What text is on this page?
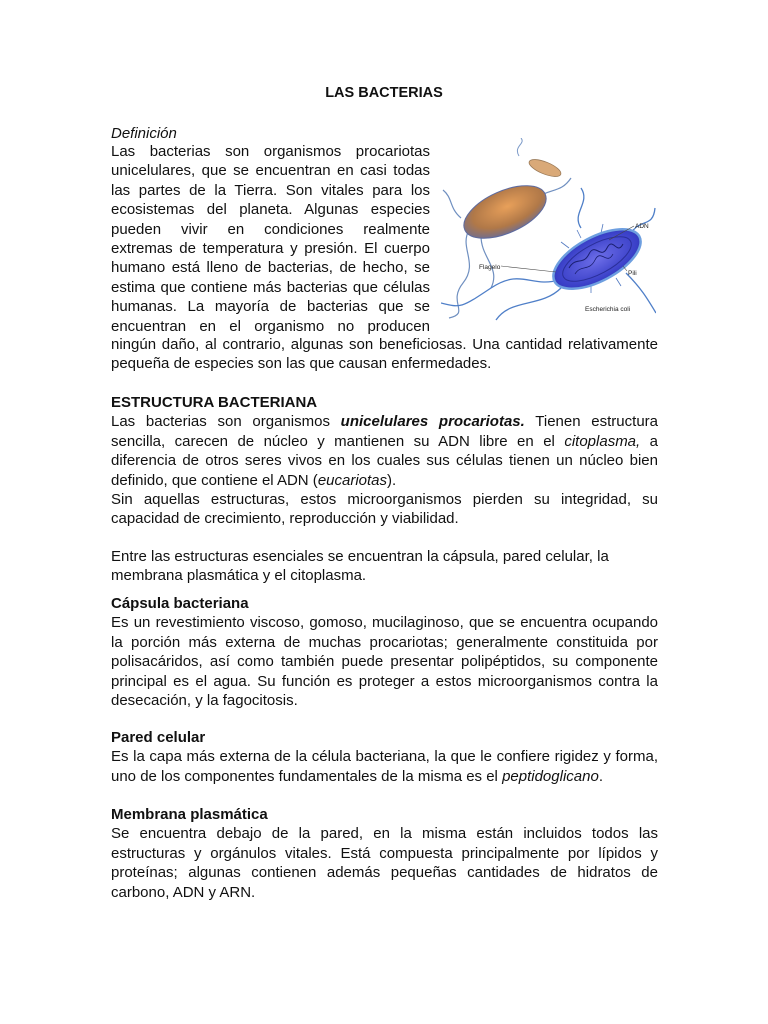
LAS BACTERIAS
Definición
Las bacterias son organismos procariotas
unicelulares, que se encuentran en casi todas
las partes de la Tierra. Son vitales para los
ecosistemas del planeta. Algunas especies
pueden vivir en condiciones realmente
extremas de temperatura y presión. El cuerpo
humano está lleno de bacterias, de hecho, se
estima que contiene más bacterias que células
humanas. La mayoría de bacterias que se
encuentran en el organismo no producen
ningún daño, al contrario, algunas son beneficiosas. Una cantidad relativamente pequeña de especies son las que causan enfermedades.
ADN
Flagelo
Pili
Escherichia coli

ESTRUCTURA BACTERIANA

Las bacterias son organismos unicelulares procariotas. Tienen estructura sencilla, carecen de núcleo y mantienen su ADN libre en el citoplasma, a diferencia de otros seres vivos en los cuales sus células tienen un núcleo bien definido, que contiene el ADN (eucariotas).

Sin aquellas estructuras, estos microorganismos pierden su integridad, su capacidad de crecimiento, reproducción y viabilidad.

Entre las estructuras esenciales se encuentran la cápsula, pared celular, la membrana plasmática y el citoplasma.

Cápsula bacteriana

Es un revestimiento viscoso, gomoso, mucilaginoso, que se encuentra ocupando la porción más externa de muchas procariotas; generalmente constituida por polisacáridos, así como también puede presentar polipéptidos, su componente principal es el agua. Su función es proteger a estos microorganismos contra la desecación, y la fagocitosis.

Pared celular

Es la capa más externa de la célula bacteriana, la que le confiere rigidez y forma, uno de los componentes fundamentales de la misma es el peptidoglicano.

Membrana plasmática

Se encuentra debajo de la pared, en la misma están incluidos todos las estructuras y orgánulos vitales. Está compuesta principalmente por lípidos y proteínas; algunas contienen además pequeñas cantidades de hidratos de carbono, ADN y ARN.
